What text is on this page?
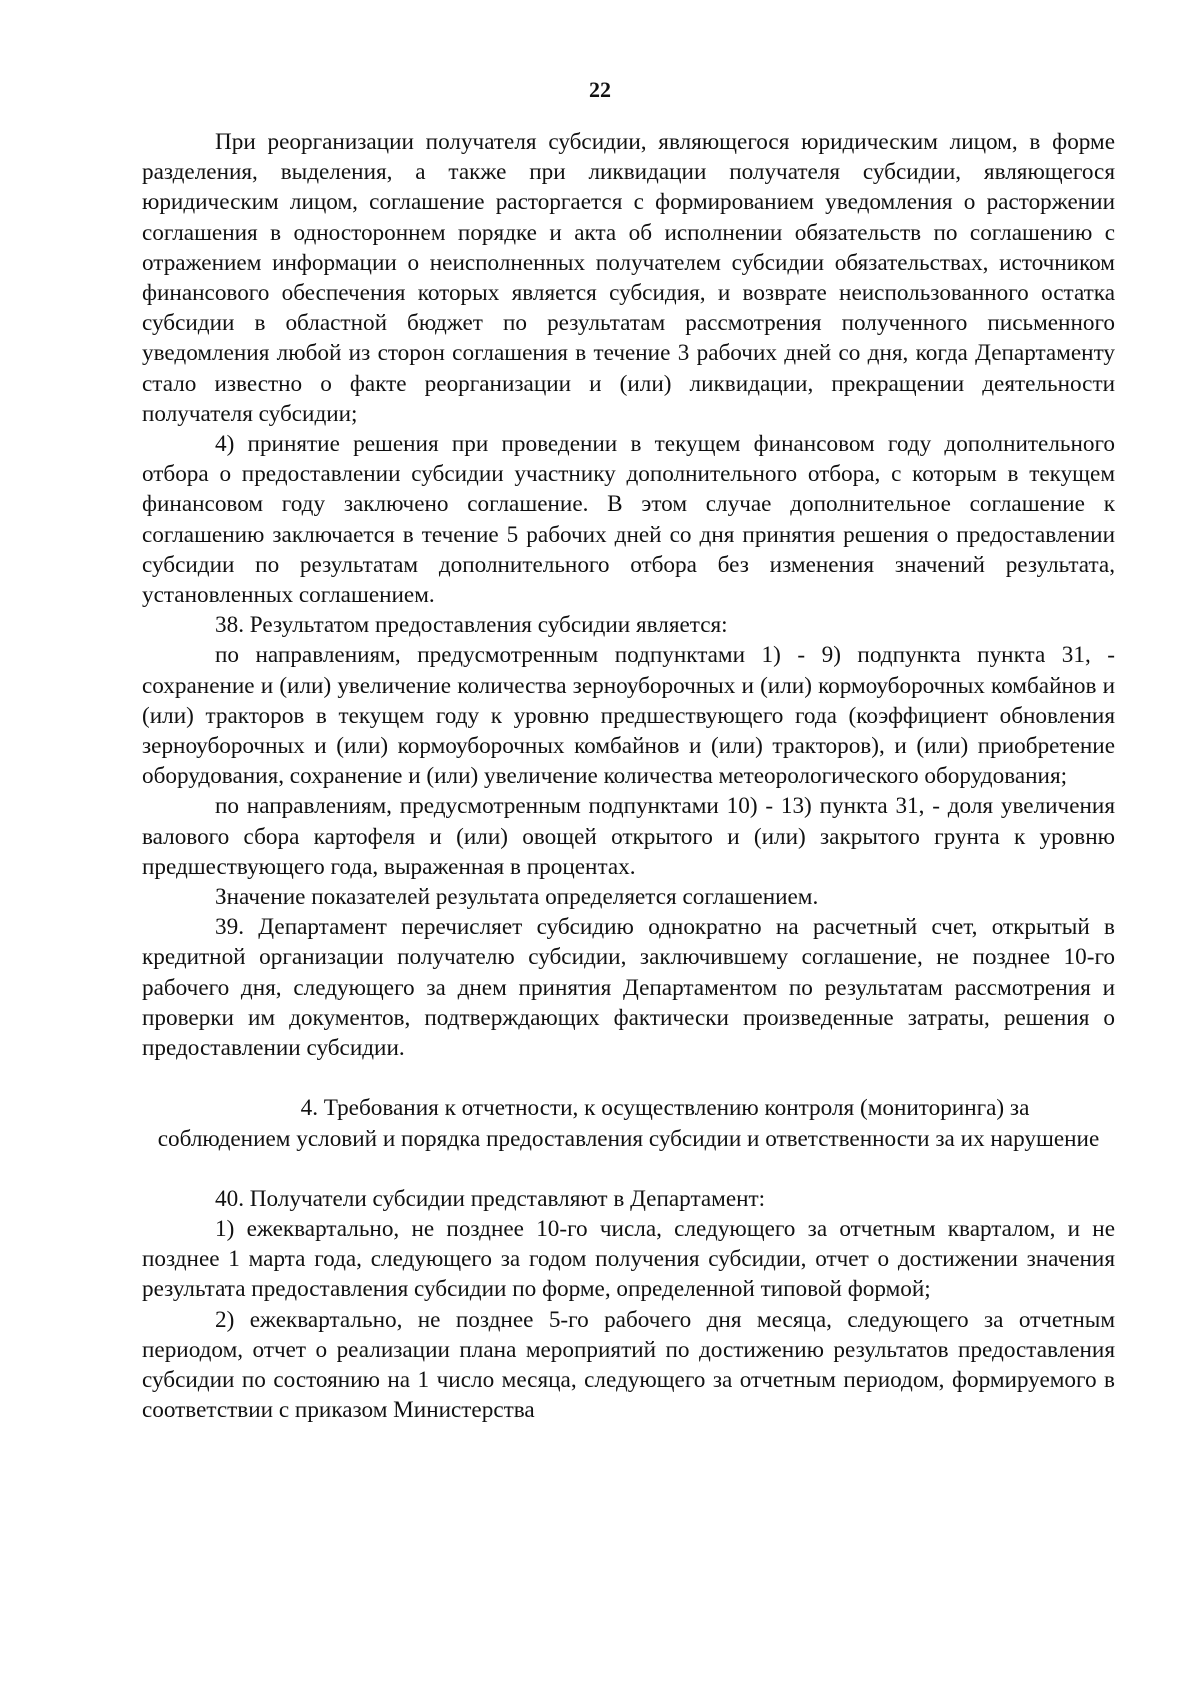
22

При реорганизации получателя субсидии, являющегося юридическим лицом, в форме разделения, выделения, а также при ликвидации получателя субсидии, являющегося юридическим лицом, соглашение расторгается с формированием уведомления о расторжении соглашения в одностороннем порядке и акта об исполнении обязательств по соглашению с отражением информации о неисполненных получателем субсидии обязательствах, источником финансового обеспечения которых является субсидия, и возврате неиспользованного остатка субсидии в областной бюджет по результатам рассмотрения полученного письменного уведомления любой из сторон соглашения в течение 3 рабочих дней со дня, когда Департаменту стало известно о факте реорганизации и (или) ликвидации, прекращении деятельности получателя субсидии;

4) принятие решения при проведении в текущем финансовом году дополнительного отбора о предоставлении субсидии участнику дополнительного отбора, с которым в текущем финансовом году заключено соглашение. В этом случае дополнительное соглашение к соглашению заключается в течение 5 рабочих дней со дня принятия решения о предоставлении субсидии по результатам дополнительного отбора без изменения значений результата, установленных соглашением.

38. Результатом предоставления субсидии является:

по направлениям, предусмотренным подпунктами 1) - 9) подпункта пункта 31, - сохранение и (или) увеличение количества зерноуборочных и (или) кормоуборочных комбайнов и (или) тракторов в текущем году к уровню предшествующего года (коэффициент обновления зерноуборочных и (или) кормоуборочных комбайнов и (или) тракторов), и (или) приобретение оборудования, сохранение и (или) увеличение количества метеорологического оборудования;

по направлениям, предусмотренным подпунктами 10) - 13) пункта 31, - доля увеличения валового сбора картофеля и (или) овощей открытого и (или) закрытого грунта к уровню предшествующего года, выраженная в процентах.

Значение показателей результата определяется соглашением.

39. Департамент перечисляет субсидию однократно на расчетный счет, открытый в кредитной организации получателю субсидии, заключившему соглашение, не позднее 10-го рабочего дня, следующего за днем принятия Департаментом по результатам рассмотрения и проверки им документов, подтверждающих фактически произведенные затраты, решения о предоставлении субсидии.

4. Требования к отчетности, к осуществлению контроля (мониторинга) за
соблюдением условий и порядка предоставления субсидии и ответственности за их нарушение

40. Получатели субсидии представляют в Департамент:

1) ежеквартально, не позднее 10-го числа, следующего за отчетным кварталом, и не позднее 1 марта года, следующего за годом получения субсидии, отчет о достижении значения результата предоставления субсидии по форме, определенной типовой формой;

2) ежеквартально, не позднее 5-го рабочего дня месяца, следующего за отчетным периодом, отчет о реализации плана мероприятий по достижению результатов предоставления субсидии по состоянию на 1 число месяца, следующего за отчетным периодом, формируемого в соответствии с приказом Министерства
